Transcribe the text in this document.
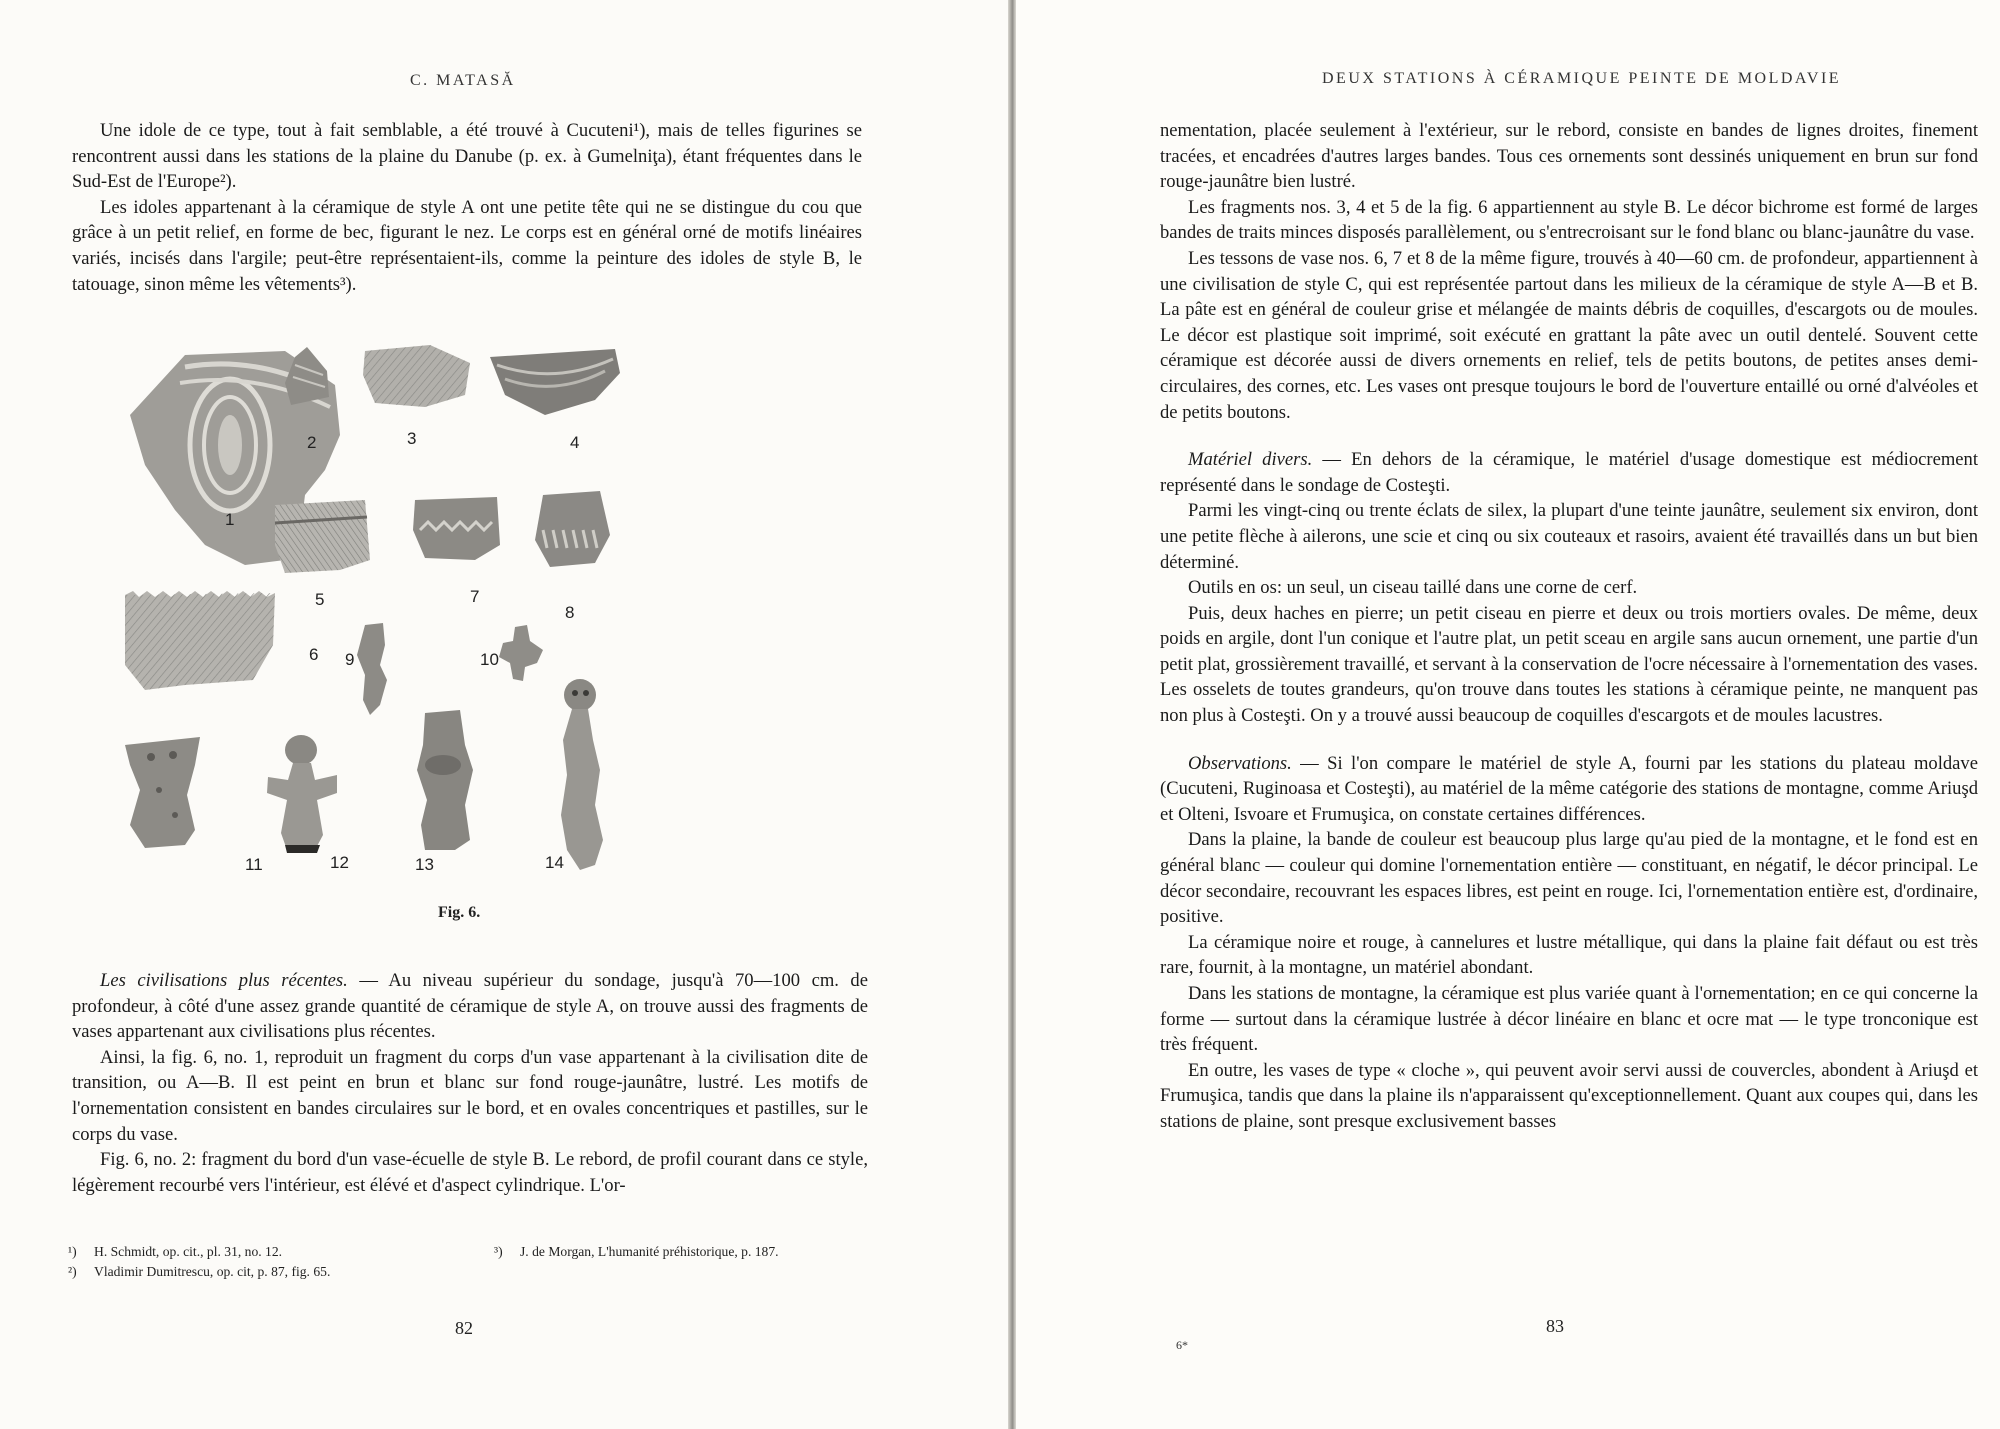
C. MATASĂ

Une idole de ce type, tout à fait semblable, a été trouvé à Cucuteni¹), mais de telles figurines se rencontrent aussi dans les stations de la plaine du Danube (p. ex. à Gumelniţa), étant fréquentes dans le Sud-Est de l'Europe²).

Les idoles appartenant à la céramique de style A ont une petite tête qui ne se distingue du cou que grâce à un petit relief, en forme de bec, figurant le nez. Le corps est en général orné de motifs linéaires variés, incisés dans l'argile; peut-être représentaient-ils, comme la peinture des idoles de style B, le tatouage, sinon même les vêtements³).

1
2	3	4
5
6
7
8
9	10
11	12	13	14
Fig. 6.

Les civilisations plus récentes. — Au niveau supérieur du sondage, jusqu'à 70—100 cm. de profondeur, à côté d'une assez grande quantité de céramique de style A, on trouve aussi des fragments de vases appartenant aux civilisations plus récentes.

Ainsi, la fig. 6, no. 1, reproduit un fragment du corps d'un vase appartenant à la civilisation dite de transition, ou A—B. Il est peint en brun et blanc sur fond rouge-jaunâtre, lustré. Les motifs de l'ornementation consistent en bandes circulaires sur le bord, et en ovales concentriques et pastilles, sur le corps du vase.

Fig. 6, no. 2: fragment du bord d'un vase-écuelle de style B. Le rebord, de profil courant dans ce style, légèrement recourbé vers l'intérieur, est élévé et d'aspect cylindrique. L'or-

¹)	H. Schmidt, op. cit., pl. 31, no. 12.	³)	J. de Morgan, L'humanité préhistorique, p. 187.
²)	Vladimir Dumitrescu, op. cit, p. 87, fig. 65.
82
DEUX STATIONS À CÉRAMIQUE PEINTE DE MOLDAVIE

nementation, placée seulement à l'extérieur, sur le rebord, consiste en bandes de lignes droites, finement tracées, et encadrées d'autres larges bandes. Tous ces ornements sont dessinés uniquement en brun sur fond rouge-jaunâtre bien lustré.

Les fragments nos. 3, 4 et 5 de la fig. 6 appartiennent au style B. Le décor bichrome est formé de larges bandes de traits minces disposés parallèlement, ou s'entrecroisant sur le fond blanc ou blanc-jaunâtre du vase.

Les tessons de vase nos. 6, 7 et 8 de la même figure, trouvés à 40—60 cm. de profondeur, appartiennent à une civilisation de style C, qui est représentée partout dans les milieux de la céramique de style A—B et B. La pâte est en général de couleur grise et mélangée de maints débris de coquilles, d'escargots ou de moules. Le décor est plastique soit imprimé, soit exécuté en grattant la pâte avec un outil dentelé. Souvent cette céramique est décorée aussi de divers ornements en relief, tels de petits boutons, de petites anses demi-circulaires, des cornes, etc. Les vases ont presque toujours le bord de l'ouverture entaillé ou orné d'alvéoles et de petits boutons.

Matériel divers. — En dehors de la céramique, le matériel d'usage domestique est médiocrement représenté dans le sondage de Costeşti.

Parmi les vingt-cinq ou trente éclats de silex, la plupart d'une teinte jaunâtre, seulement six environ, dont une petite flèche à ailerons, une scie et cinq ou six couteaux et rasoirs, avaient été travaillés dans un but bien déterminé.

Outils en os: un seul, un ciseau taillé dans une corne de cerf.

Puis, deux haches en pierre; un petit ciseau en pierre et deux ou trois mortiers ovales. De même, deux poids en argile, dont l'un conique et l'autre plat, un petit sceau en argile sans aucun ornement, une partie d'un petit plat, grossièrement travaillé, et servant à la conservation de l'ocre nécessaire à l'ornementation des vases. Les osselets de toutes grandeurs, qu'on trouve dans toutes les stations à céramique peinte, ne manquent pas non plus à Costeşti. On y a trouvé aussi beaucoup de coquilles d'escargots et de moules lacustres.

Observations. — Si l'on compare le matériel de style A, fourni par les stations du plateau moldave (Cucuteni, Ruginoasa et Costeşti), au matériel de la même catégorie des stations de montagne, comme Ariuşd et Olteni, Isvoare et Frumuşica, on constate certaines différences.

Dans la plaine, la bande de couleur est beaucoup plus large qu'au pied de la montagne, et le fond est en général blanc — couleur qui domine l'ornementation entière — constituant, en négatif, le décor principal. Le décor secondaire, recouvrant les espaces libres, est peint en rouge. Ici, l'ornementation entière est, d'ordinaire, positive.

La céramique noire et rouge, à cannelures et lustre métallique, qui dans la plaine fait défaut ou est très rare, fournit, à la montagne, un matériel abondant.

Dans les stations de montagne, la céramique est plus variée quant à l'ornementation; en ce qui concerne la forme — surtout dans la céramique lustrée à décor linéaire en blanc et ocre mat — le type tronconique est très fréquent.

En outre, les vases de type « cloche », qui peuvent avoir servi aussi de couvercles, abondent à Ariuşd et Frumuşica, tandis que dans la plaine ils n'apparaissent qu'exceptionnellement. Quant aux coupes qui, dans les stations de plaine, sont presque exclusivement basses

6*
83
